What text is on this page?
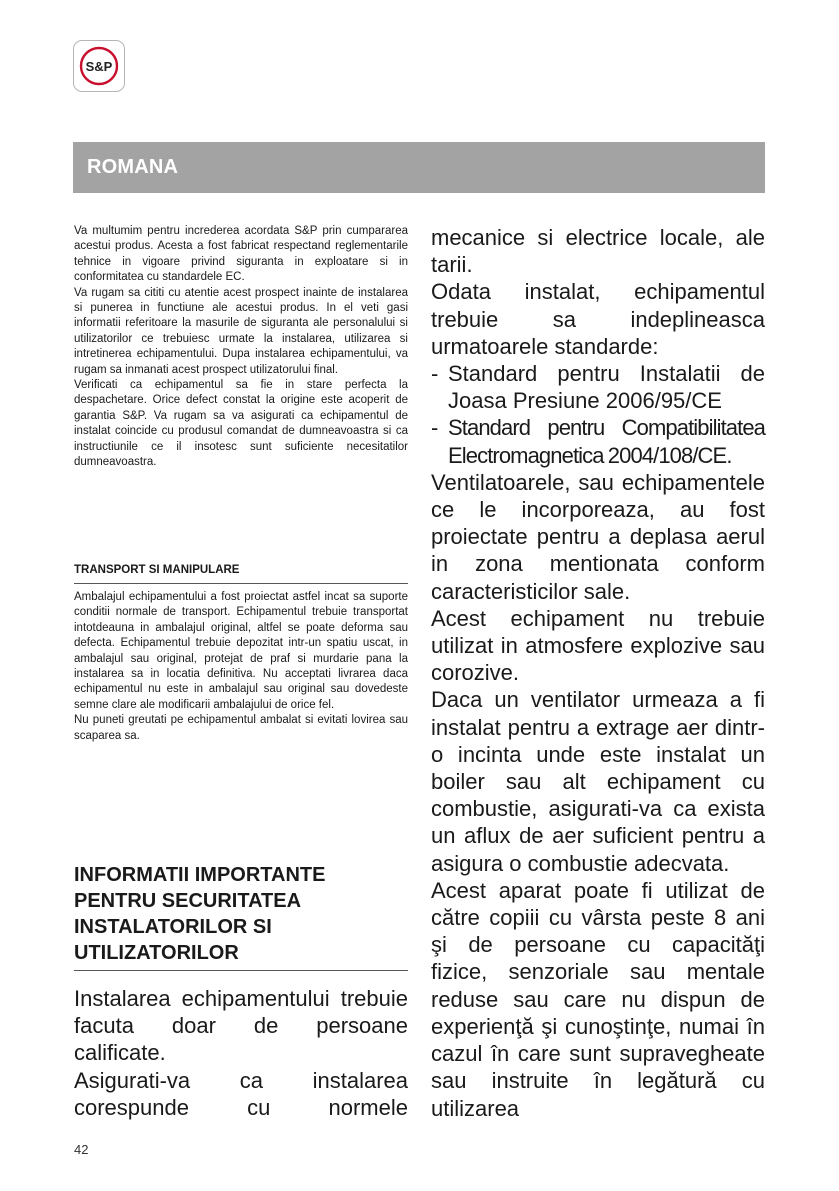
S&P
ROMANA

Va multumim pentru increderea acordata S&P prin cumpararea acestui produs. Acesta a fost fabricat respectand reglementarile tehnice in vigoare privind siguranta in exploatare si in conformitatea cu standardele EC.

Va rugam sa cititi cu atentie acest prospect inainte de instalarea si punerea in functiune ale acestui produs. In el veti gasi informatii referitoare la masurile de siguranta ale personalului si utilizatorilor ce trebuiesc urmate la instalarea, utilizarea si intretinerea echipamentului. Dupa instalarea echipamentului, va rugam sa inmanati acest prospect utilizatorului final.

Verificati ca echipamentul sa fie in stare perfecta la despachetare. Orice defect constat la origine este acoperit de garantia S&P. Va rugam sa va asigurati ca echipamentul de instalat coincide cu produsul comandat de dumneavoastra si ca instructiunile ce il insotesc sunt suficiente necesitatilor dumneavoastra.

TRANSPORT SI MANIPULARE

Ambalajul echipamentului a fost proiectat astfel incat sa suporte conditii normale de transport. Echipamentul trebuie transportat intotdeauna in ambalajul original, altfel se poate deforma sau defecta. Echipamentul trebuie depozitat intr-un spatiu uscat, in ambalajul sau original, protejat de praf si murdarie pana la instalarea sa in locatia definitiva. Nu acceptati livrarea daca echipamentul nu este in ambalajul sau original sau dovedeste semne clare ale modificarii ambalajului de orice fel.

Nu puneti greutati pe echipamentul ambalat si evitati lovirea sau scaparea sa.

INFORMATII IMPORTANTE
PENTRU SECURITATEA
INSTALATORILOR SI
UTILIZATORILOR

Instalarea echipamentului trebuie facuta doar de persoane calificate.

Asigurati-va ca instalarea corespunde cu normele

mecanice si electrice locale, ale tarii.

Odata instalat, echipamentul trebuie sa indeplineasca urmatoarele standarde:

- Standard pentru Instalatii de Joasa Presiune 2006/95/CE
- Standard pentru Compatibilitatea Electromagnetica 2004/108/CE.

Ventilatoarele, sau echipamentele ce le incorporeaza, au fost proiectate pentru a deplasa aerul in zona mentionata conform caracteristicilor sale.

Acest echipament nu trebuie utilizat in atmosfere explozive sau corozive.

Daca un ventilator urmeaza a fi instalat pentru a extrage aer dintr-o incinta unde este instalat un boiler sau alt echipament cu combustie, asigurati-va ca exista un aflux de aer suficient pentru a asigura o combustie adecvata.

Acest aparat poate fi utilizat de către copiii cu vârsta peste 8 ani şi de persoane cu capacităţi fizice, senzoriale sau mentale reduse sau care nu dispun de experienţă şi cunoştinţe, numai în cazul în care sunt supravegheate sau instruite în legătură cu utilizarea

42
